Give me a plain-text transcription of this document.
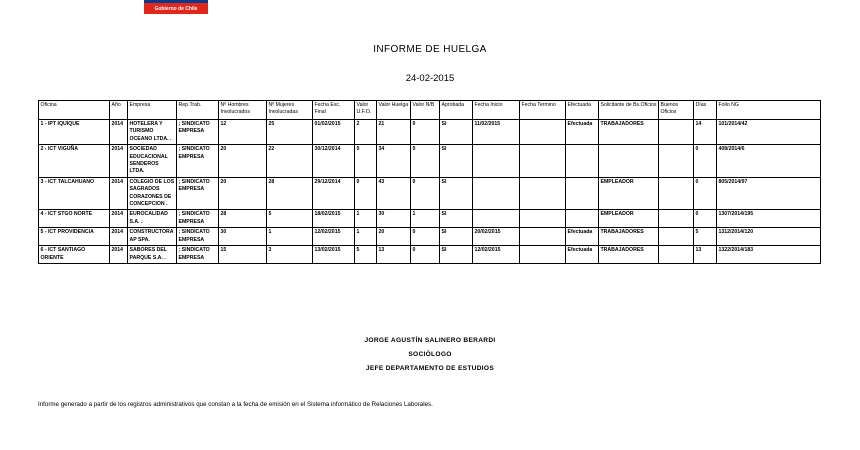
Gobierno de Chile
INFORME DE HUELGA
24-02-2015
Oficina	Año	Empresa	Rep.Trab.	Nº Hombres Involucrados	Nº Mujeres Involucradas	Fecha Exc. Final	Valor U.F.O.	Valor Huelga	Valor N/B	Aprobada	Fecha Inicio	Fecha Termino	Efectuada	Solicitante de Bs.Oficios	Buenos Oficios	Días	Folio NG
1 - IPT IQUIQUE	2014	HOTELERA Y TURISMO OCEANO LTDA. .	; SINDICATO EMPRESA	12	25	01/02/2015	2	21	0	SI	11/02/2015		Efectuada	TRABAJADORES		14	101/2014/42
2 - ICT VIGUÑA	2014	SOCIEDAD EDUCACIONAL SENDEROS LTDA.	; SINDICATO EMPRESA	20	22	30/12/2014	0	34	0	SI						0	408/2014/6
3 - ICT TALCAHUANO	2014	COLEGIO DE LOS SAGRADOS CORAZONES DE CONCEPCION .	; SINDICATO EMPRESA	20	28	29/12/2014	0	43	0	SI				EMPLEADOR		0	805/2014/97
4 - ICT STGO NORTE	2014	EUROCALIDAD S.A. .	; SINDICATO EMPRESA	28	5	18/02/2015	1	30	1	SI				EMPLEADOR		0	1307/2014/195
5 - ICT PROVIDENCIA	2014	CONSTRUCTORA AP SPA.	; SINDICATO EMPRESA	30	1	12/02/2015	1	20	0	SI	20/02/2015		Efectuada	TRABAJADORES		5	1312/2014/120
6 - ICT SANTIAGO ORIENTE	2014	SABORES DEL PARQUE S.A. .	; SINDICATO EMPRESA	15	3	13/02/2015	5	13	0	SI	12/02/2015		Efectuada	TRABAJADORES		13	1322/2014/183
JORGE AGUSTÍN SALINERO BERARDI
SOCIÓLOGO
JEFE DEPARTAMENTO DE ESTUDIOS
Informe generado a partir de los registros administrativos que constan a la fecha de emisión en el Sistema informático de Relaciones Laborales.
